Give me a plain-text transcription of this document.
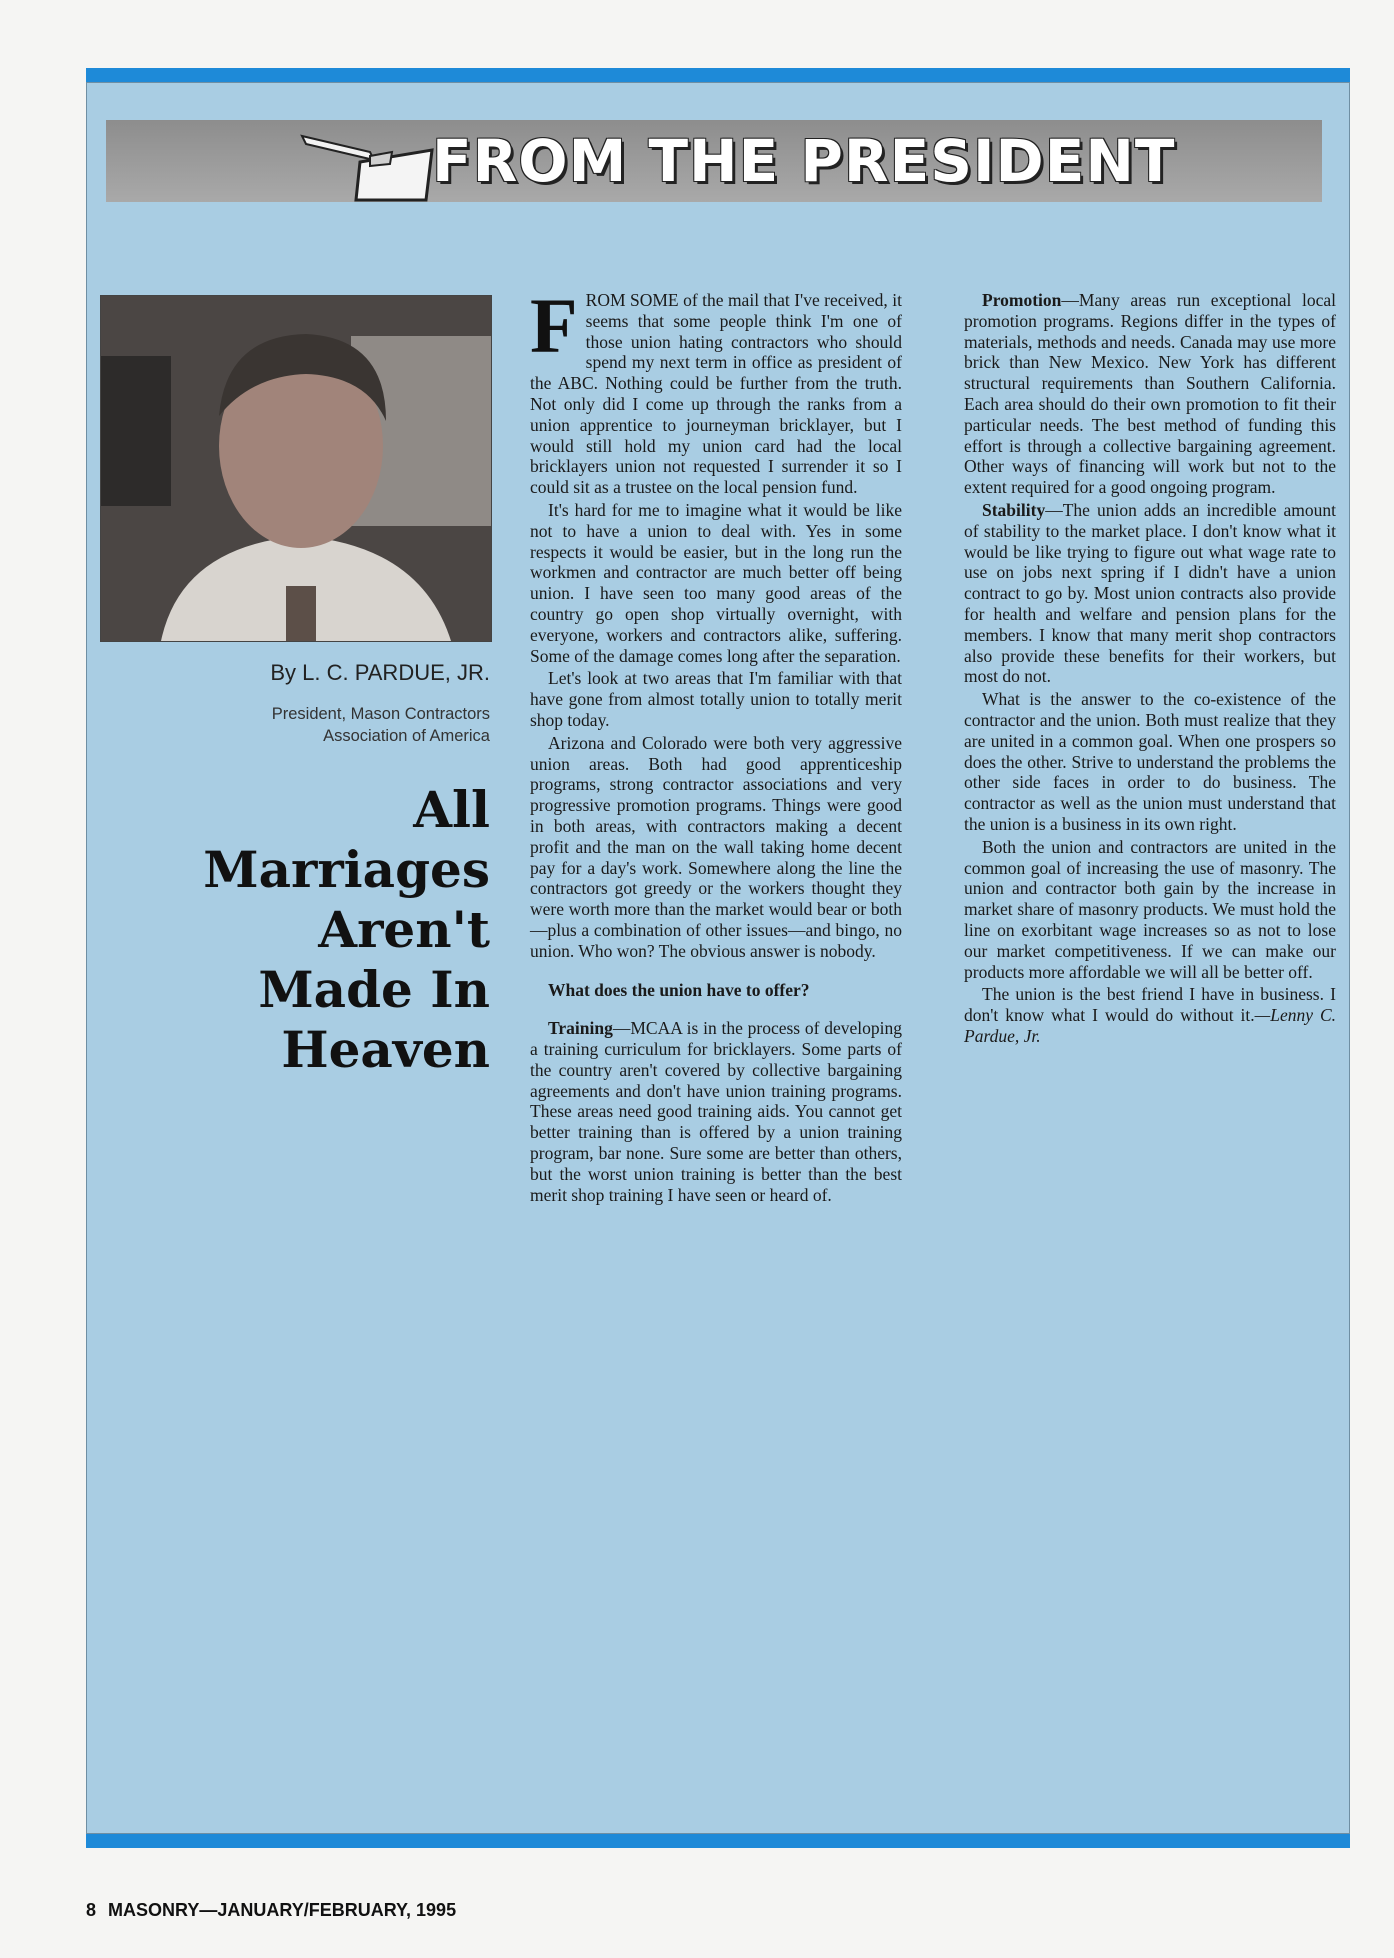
FROM THE PRESIDENT
By L. C. PARDUE, JR.
President, Mason Contractors
Association of America
All
Marriages
Aren't
Made In
Heaven

FROM SOME of the mail that I've received, it seems that some people think I'm one of those union hating contractors who should spend my next term in office as president of the ABC. Nothing could be further from the truth. Not only did I come up through the ranks from a union apprentice to journeyman bricklayer, but I would still hold my union card had the local bricklayers union not requested I surrender it so I could sit as a trustee on the local pension fund.

It's hard for me to imagine what it would be like not to have a union to deal with. Yes in some respects it would be easier, but in the long run the workmen and contractor are much better off being union. I have seen too many good areas of the country go open shop virtually overnight, with everyone, workers and contractors alike, suffering. Some of the damage comes long after the separation.

Let's look at two areas that I'm familiar with that have gone from almost totally union to totally merit shop today.

Arizona and Colorado were both very aggressive union areas. Both had good apprenticeship programs, strong contractor associations and very progressive promotion programs. Things were good in both areas, with contractors making a decent profit and the man on the wall taking home decent pay for a day's work. Somewhere along the line the contractors got greedy or the workers thought they were worth more than the market would bear or both—plus a combination of other issues—and bingo, no union. Who won? The obvious answer is nobody.

What does the union have to offer?

Training—MCAA is in the process of developing a training curriculum for bricklayers. Some parts of the country aren't covered by collective bargaining agreements and don't have union training programs. These areas need good training aids. You cannot get better training than is offered by a union training program, bar none. Sure some are better than others, but the worst union training is better than the best merit shop training I have seen or heard of.

Promotion—Many areas run exceptional local promotion programs. Regions differ in the types of materials, methods and needs. Canada may use more brick than New Mexico. New York has different structural requirements than Southern California. Each area should do their own promotion to fit their particular needs. The best method of funding this effort is through a collective bargaining agreement. Other ways of financing will work but not to the extent required for a good ongoing program.

Stability—The union adds an incredible amount of stability to the market place. I don't know what it would be like trying to figure out what wage rate to use on jobs next spring if I didn't have a union contract to go by. Most union contracts also provide for health and welfare and pension plans for the members. I know that many merit shop contractors also provide these benefits for their workers, but most do not.

What is the answer to the co-existence of the contractor and the union. Both must realize that they are united in a common goal. When one prospers so does the other. Strive to understand the problems the other side faces in order to do business. The contractor as well as the union must understand that the union is a business in its own right.

Both the union and contractors are united in the common goal of increasing the use of masonry. The union and contractor both gain by the increase in market share of masonry products. We must hold the line on exorbitant wage increases so as not to lose our market competitiveness. If we can make our products more affordable we will all be better off.

The union is the best friend I have in business. I don't know what I would do without it.—Lenny C. Pardue, Jr.

8 MASONRY—JANUARY/FEBRUARY, 1995
